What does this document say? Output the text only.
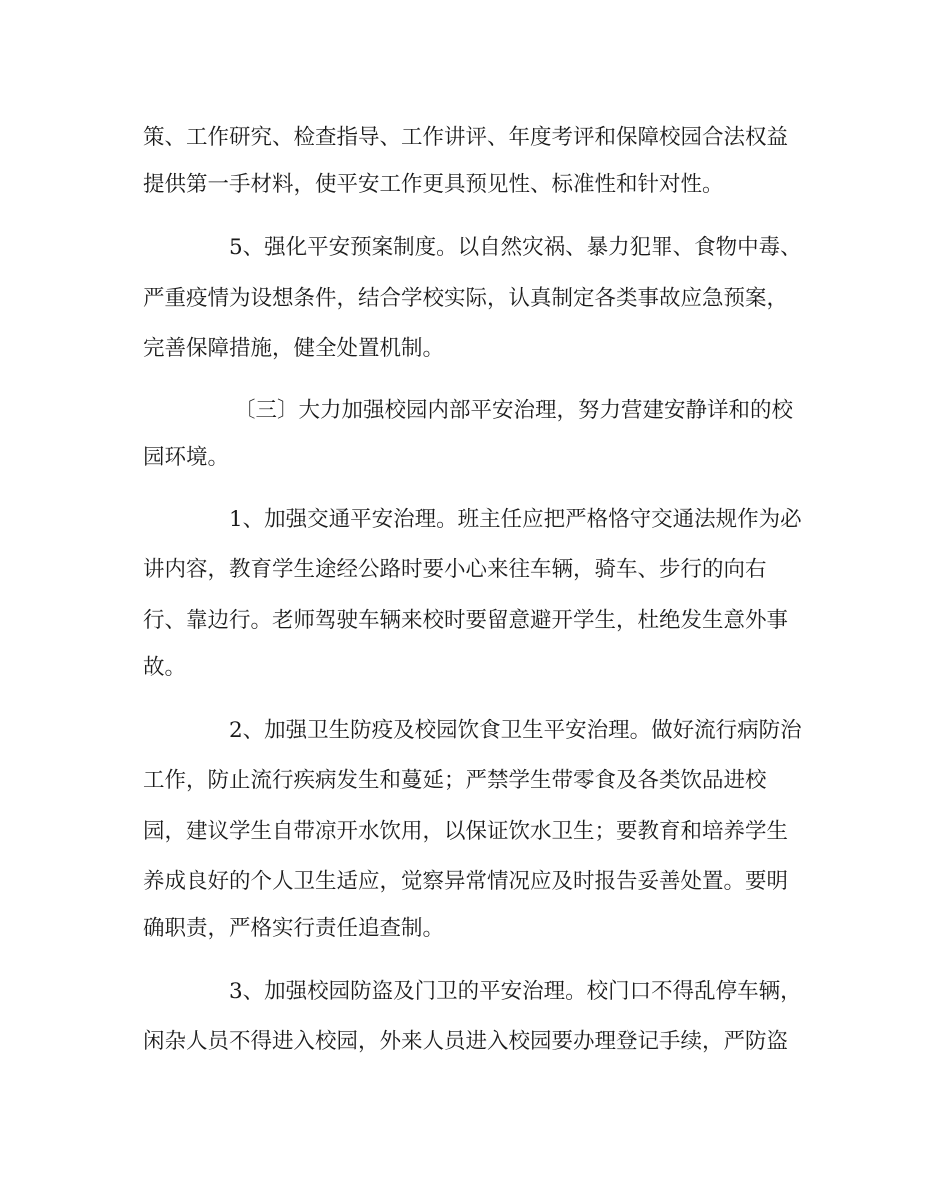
策、工作研究、检查指导、工作讲评、年度考评和保障校园合法权益

提供第一手材料，使平安工作更具预见性、标准性和针对性。

5、强化平安预案制度。以自然灾祸、暴力犯罪、食物中毒、

严重疫情为设想条件，结合学校实际，认真制定各类事故应急预案，

完善保障措施，健全处置机制。

〔三〕大力加强校园内部平安治理，努力营建安静详和的校

园环境。

1、加强交通平安治理。班主任应把严格恪守交通法规作为必

讲内容，教育学生途经公路时要小心来往车辆，骑车、步行的向右

行、靠边行。老师驾驶车辆来校时要留意避开学生，杜绝发生意外事

故。

2、加强卫生防疫及校园饮食卫生平安治理。做好流行病防治

工作，防止流行疾病发生和蔓延；严禁学生带零食及各类饮品进校

园，建议学生自带凉开水饮用，以保证饮水卫生；要教育和培养学生

养成良好的个人卫生适应，觉察异常情况应及时报告妥善处置。要明

确职责，严格实行责任追查制。

3、加强校园防盗及门卫的平安治理。校门口不得乱停车辆，

闲杂人员不得进入校园，外来人员进入校园要办理登记手续，严防盗
